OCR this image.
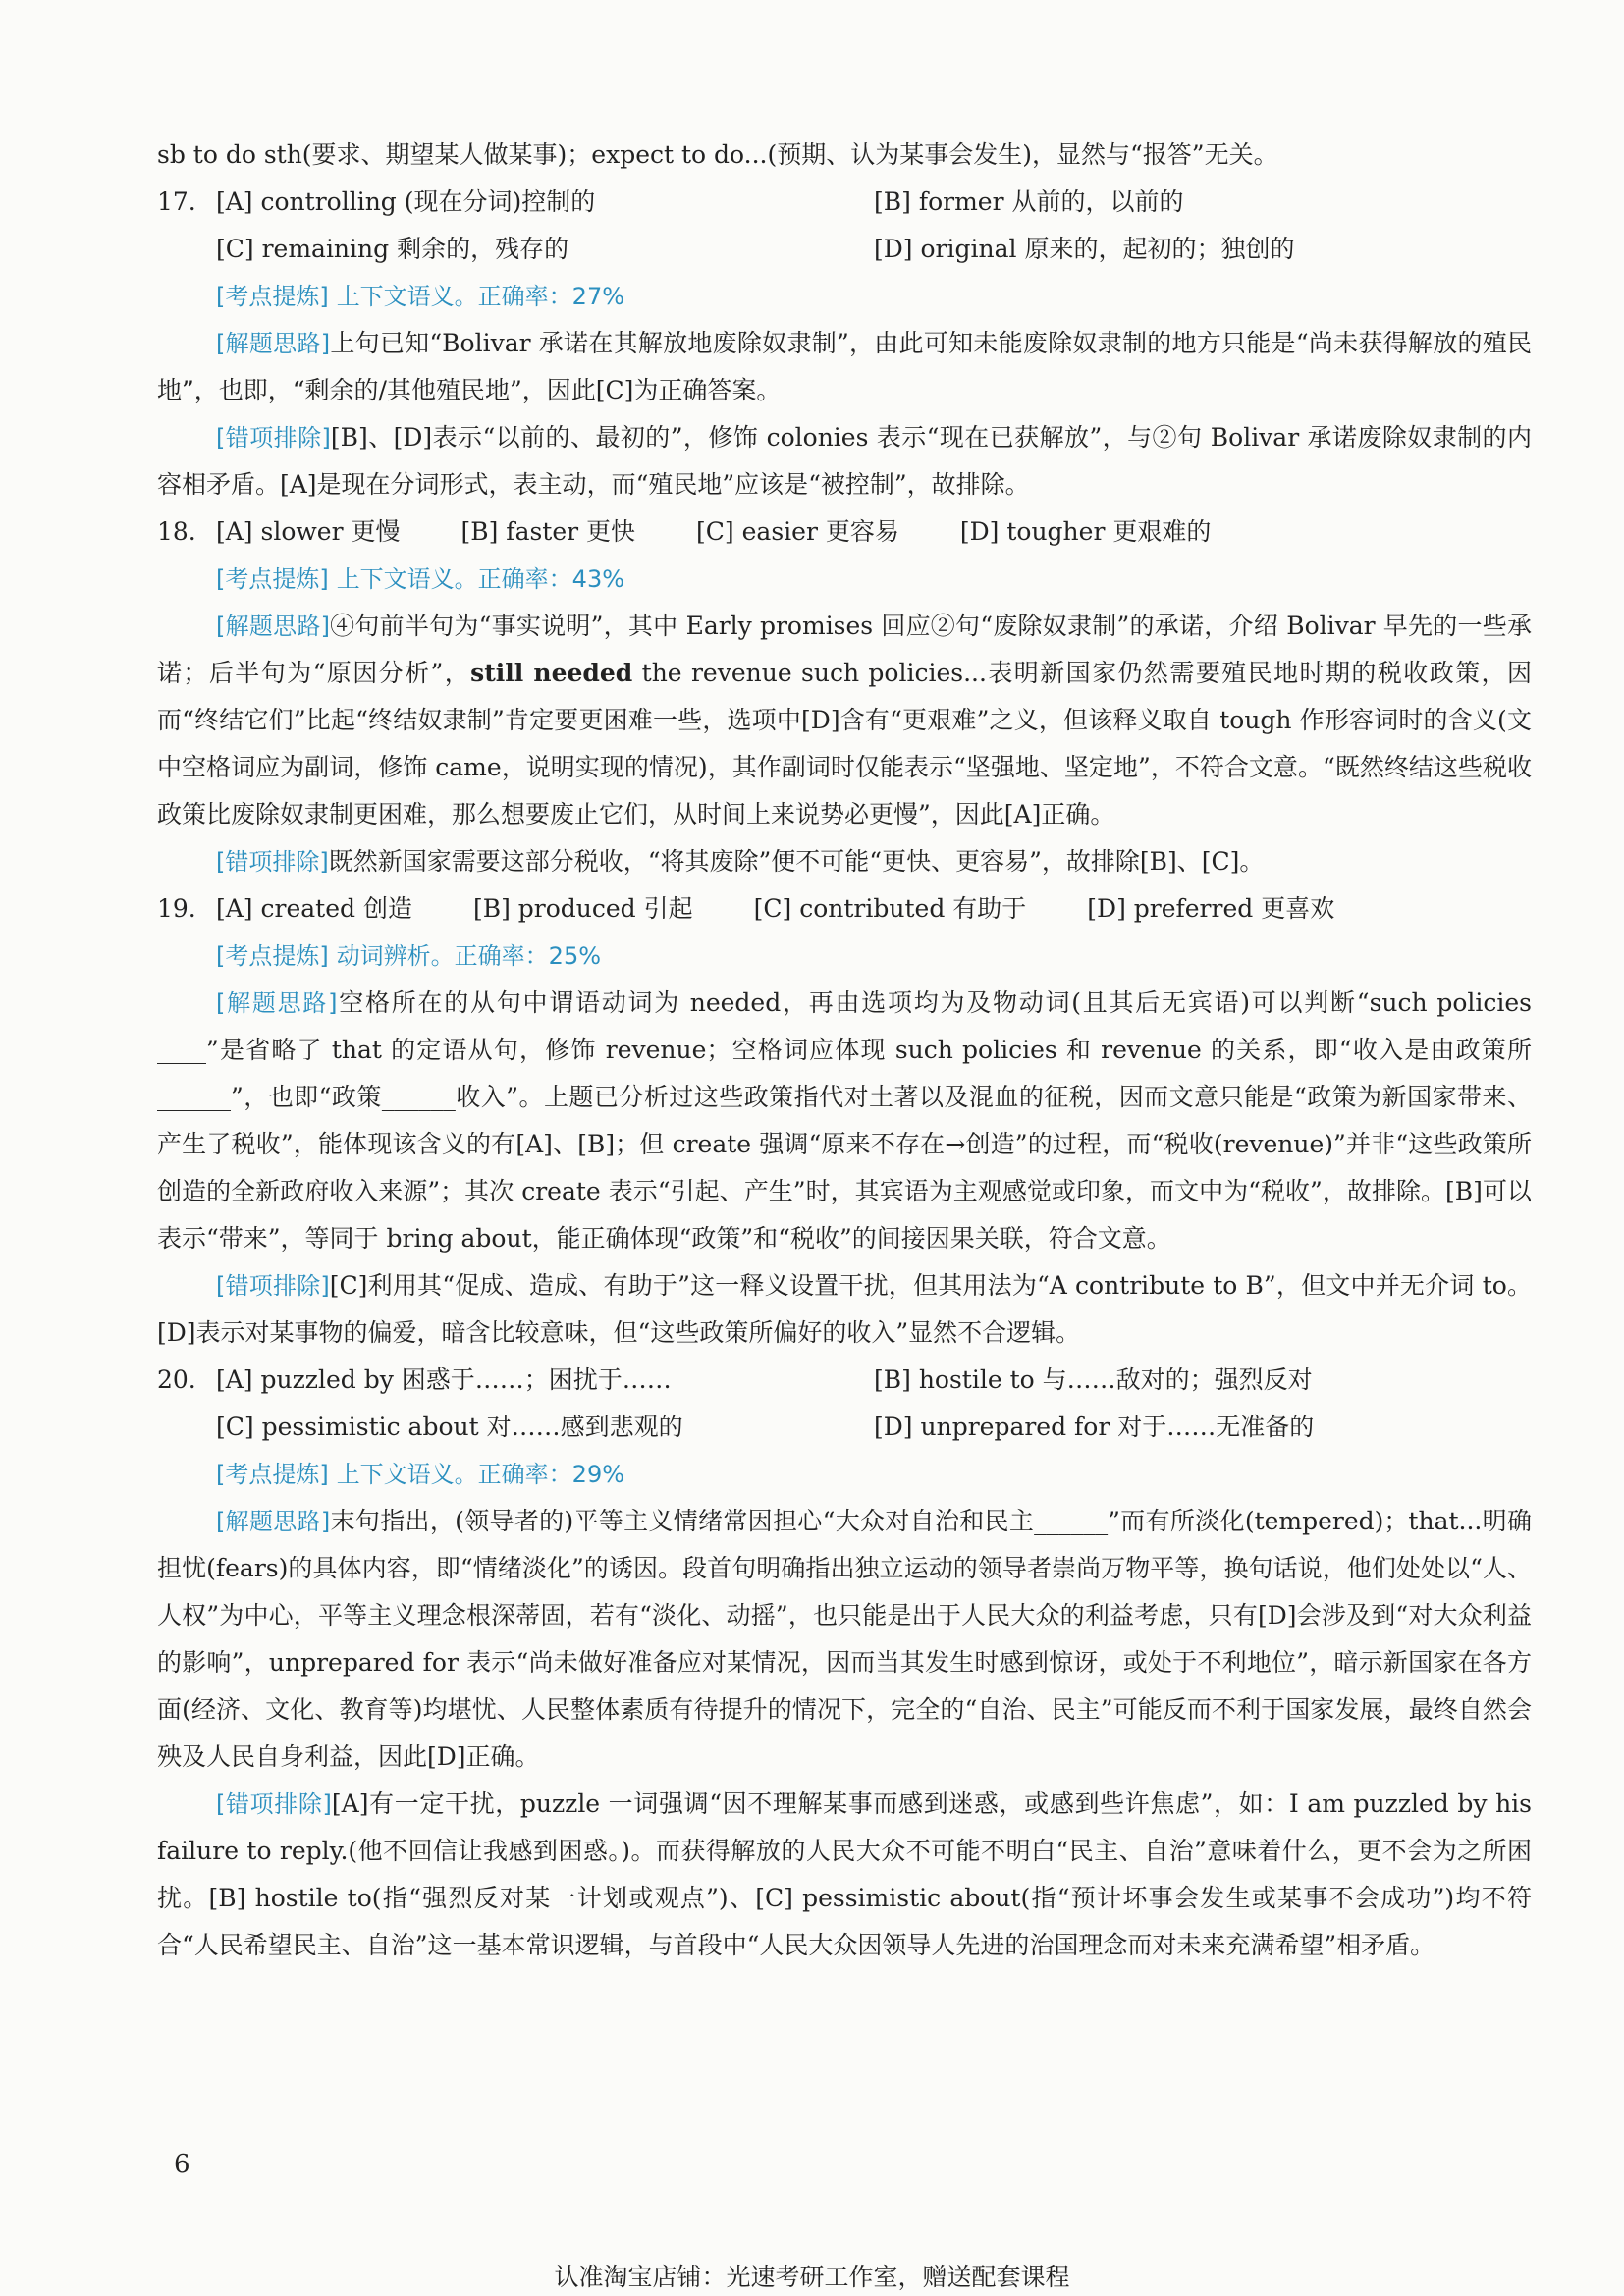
sb to do sth(要求、期望某人做某事)；expect to do...(预期、认为某事会发生)，显然与“报答”无关。

17. [A] controlling (现在分词)控制的	[B] former 从前的，以前的
[C] remaining 剩余的，残存的	[D] original 原来的，起初的；独创的

[考点提炼] 上下文语义。正确率：27%

[解题思路]上句已知“Bolivar 承诺在其解放地废除奴隶制”，由此可知未能废除奴隶制的地方只能是“尚未获得解放的殖民地”，也即，“剩余的/其他殖民地”，因此[C]为正确答案。

[错项排除][B]、[D]表示“以前的、最初的”，修饰 colonies 表示“现在已获解放”，与②句 Bolivar 承诺废除奴隶制的内容相矛盾。[A]是现在分词形式，表主动，而“殖民地”应该是“被控制”，故排除。

18. [A] slower 更慢 [B] faster 更快 [C] easier 更容易 [D] tougher 更艰难的

[考点提炼] 上下文语义。正确率：43%

[解题思路]④句前半句为“事实说明”，其中 Early promises 回应②句“废除奴隶制”的承诺，介绍 Bolivar 早先的一些承诺；后半句为“原因分析”，still needed the revenue such policies...表明新国家仍然需要殖民地时期的税收政策，因而“终结它们”比起“终结奴隶制”肯定要更困难一些，选项中[D]含有“更艰难”之义，但该释义取自 tough 作形容词时的含义(文中空格词应为副词，修饰 came，说明实现的情况)，其作副词时仅能表示“坚强地、坚定地”，不符合文意。“既然终结这些税收政策比废除奴隶制更困难，那么想要废止它们，从时间上来说势必更慢”，因此[A]正确。

[错项排除]既然新国家需要这部分税收，“将其废除”便不可能“更快、更容易”，故排除[B]、[C]。

19. [A] created 创造 [B] produced 引起 [C] contributed 有助于 [D] preferred 更喜欢

[考点提炼] 动词辨析。正确率：25%

[解题思路]空格所在的从句中谓语动词为 needed，再由选项均为及物动词(且其后无宾语)可以判断“such policies ____”是省略了 that 的定语从句，修饰 revenue；空格词应体现 such policies 和 revenue 的关系，即“收入是由政策所______”，也即“政策______收入”。上题已分析过这些政策指代对土著以及混血的征税，因而文意只能是“政策为新国家带来、产生了税收”，能体现该含义的有[A]、[B]；但 create 强调“原来不存在→创造”的过程，而“税收(revenue)”并非“这些政策所创造的全新政府收入来源”；其次 create 表示“引起、产生”时，其宾语为主观感觉或印象，而文中为“税收”，故排除。[B]可以表示“带来”，等同于 bring about，能正确体现“政策”和“税收”的间接因果关联，符合文意。

[错项排除][C]利用其“促成、造成、有助于”这一释义设置干扰，但其用法为“A contribute to B”，但文中并无介词 to。[D]表示对某事物的偏爱，暗含比较意味，但“这些政策所偏好的收入”显然不合逻辑。

20. [A] puzzled by 困惑于……；困扰于……	[B] hostile to 与……敌对的；强烈反对
[C] pessimistic about 对……感到悲观的	[D] unprepared for 对于……无准备的

[考点提炼] 上下文语义。正确率：29%

[解题思路]末句指出，(领导者的)平等主义情绪常因担心“大众对自治和民主______”而有所淡化(tempered)；that...明确担忧(fears)的具体内容，即“情绪淡化”的诱因。段首句明确指出独立运动的领导者崇尚万物平等，换句话说，他们处处以“人、人权”为中心，平等主义理念根深蒂固，若有“淡化、动摇”，也只能是出于人民大众的利益考虑，只有[D]会涉及到“对大众利益的影响”，unprepared for 表示“尚未做好准备应对某情况，因而当其发生时感到惊讶，或处于不利地位”，暗示新国家在各方面(经济、文化、教育等)均堪忧、人民整体素质有待提升的情况下，完全的“自治、民主”可能反而不利于国家发展，最终自然会殃及人民自身利益，因此[D]正确。

[错项排除][A]有一定干扰，puzzle 一词强调“因不理解某事而感到迷惑，或感到些许焦虑”，如：I am puzzled by his failure to reply.(他不回信让我感到困惑。)。而获得解放的人民大众不可能不明白“民主、自治”意味着什么，更不会为之所困扰。[B] hostile to(指“强烈反对某一计划或观点”)、[C] pessimistic about(指“预计坏事会发生或某事不会成功”)均不符合“人民希望民主、自治”这一基本常识逻辑，与首段中“人民大众因领导人先进的治国理念而对未来充满希望”相矛盾。

6
认准淘宝店铺：光速考研工作室，赠送配套课程
